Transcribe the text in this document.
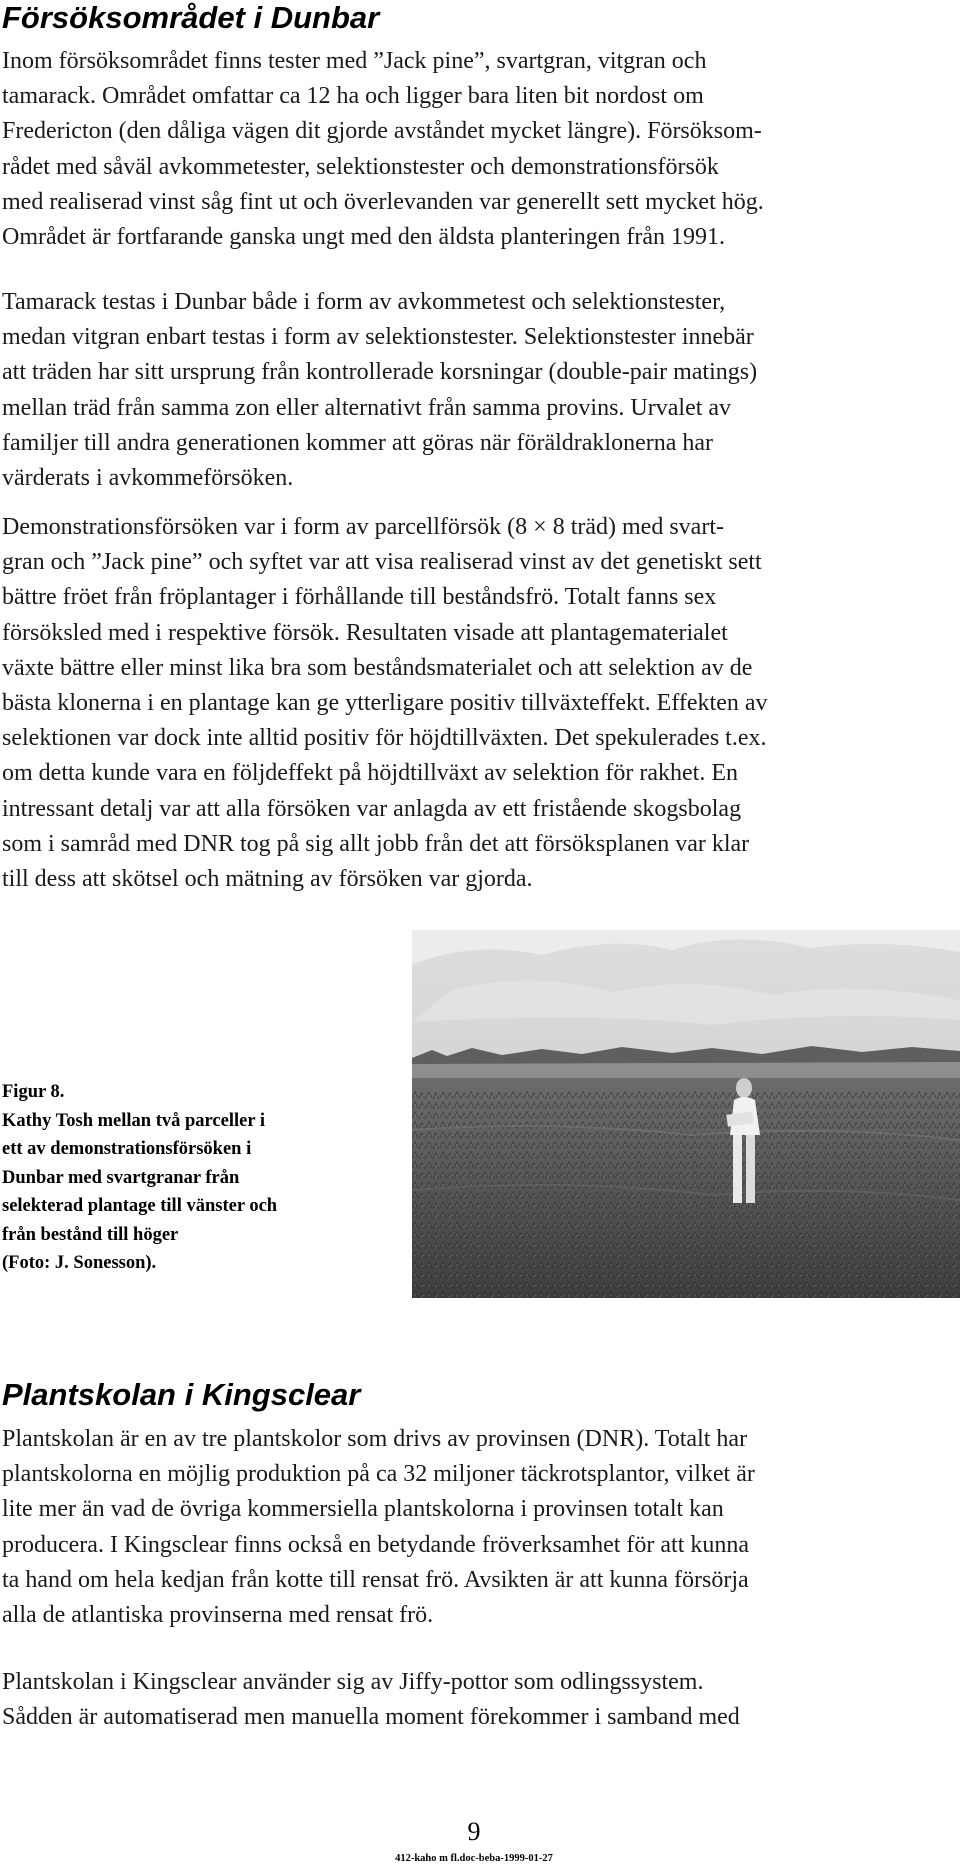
Försöksområdet i Dunbar

Inom försöksområdet finns tester med ”Jack pine”, svartgran, vitgran och
tamarack. Området omfattar ca 12 ha och ligger bara liten bit nordost om
Fredericton (den dåliga vägen dit gjorde avståndet mycket längre). Försöksom-
rådet med såväl avkommetester, selektionstester och demonstrationsförsök
med realiserad vinst såg fint ut och överlevanden var generellt sett mycket hög.
Området är fortfarande ganska ungt med den äldsta planteringen från 1991.

Tamarack testas i Dunbar både i form av avkommetest och selektionstester,
medan vitgran enbart testas i form av selektionstester. Selektionstester innebär
att träden har sitt ursprung från kontrollerade korsningar (double-pair matings)
mellan träd från samma zon eller alternativt från samma provins. Urvalet av
familjer till andra generationen kommer att göras när föräldraklonerna har
värderats i avkommeförsöken.

Demonstrationsförsöken var i form av parcellförsök (8 × 8 träd) med svart-
gran och ”Jack pine” och syftet var att visa realiserad vinst av det genetiskt sett
bättre fröet från fröplantager i förhållande till beståndsfrö. Totalt fanns sex
försöksled med i respektive försök. Resultaten visade att plantagematerialet
växte bättre eller minst lika bra som beståndsmaterialet och att selektion av de
bästa klonerna i en plantage kan ge ytterligare positiv tillväxteffekt. Effekten av
selektionen var dock inte alltid positiv för höjdtillväxten. Det spekulerades t.ex.
om detta kunde vara en följdeffekt på höjdtillväxt av selektion för rakhet. En
intressant detalj var att alla försöken var anlagda av ett fristående skogsbolag
som i samråd med DNR tog på sig allt jobb från det att försöksplanen var klar
till dess att skötsel och mätning av försöken var gjorda.

Figur 8.
Kathy Tosh mellan två parceller i
ett av demonstrationsförsöken i
Dunbar med svartgranar från
selekterad plantage till vänster och
från bestånd till höger
(Foto: J. Sonesson).
Plantskolan i Kingsclear

Plantskolan är en av tre plantskolor som drivs av provinsen (DNR). Totalt har
plantskolorna en möjlig produktion på ca 32 miljoner täckrotsplantor, vilket är
lite mer än vad de övriga kommersiella plantskolorna i provinsen totalt kan
producera. I Kingsclear finns också en betydande fröverksamhet för att kunna
ta hand om hela kedjan från kotte till rensat frö. Avsikten är att kunna försörja
alla de atlantiska provinserna med rensat frö.

Plantskolan i Kingsclear använder sig av Jiffy-pottor som odlingssystem.
Sådden är automatiserad men manuella moment förekommer i samband med

9
412-kaho m fl.doc-beba-1999-01-27
